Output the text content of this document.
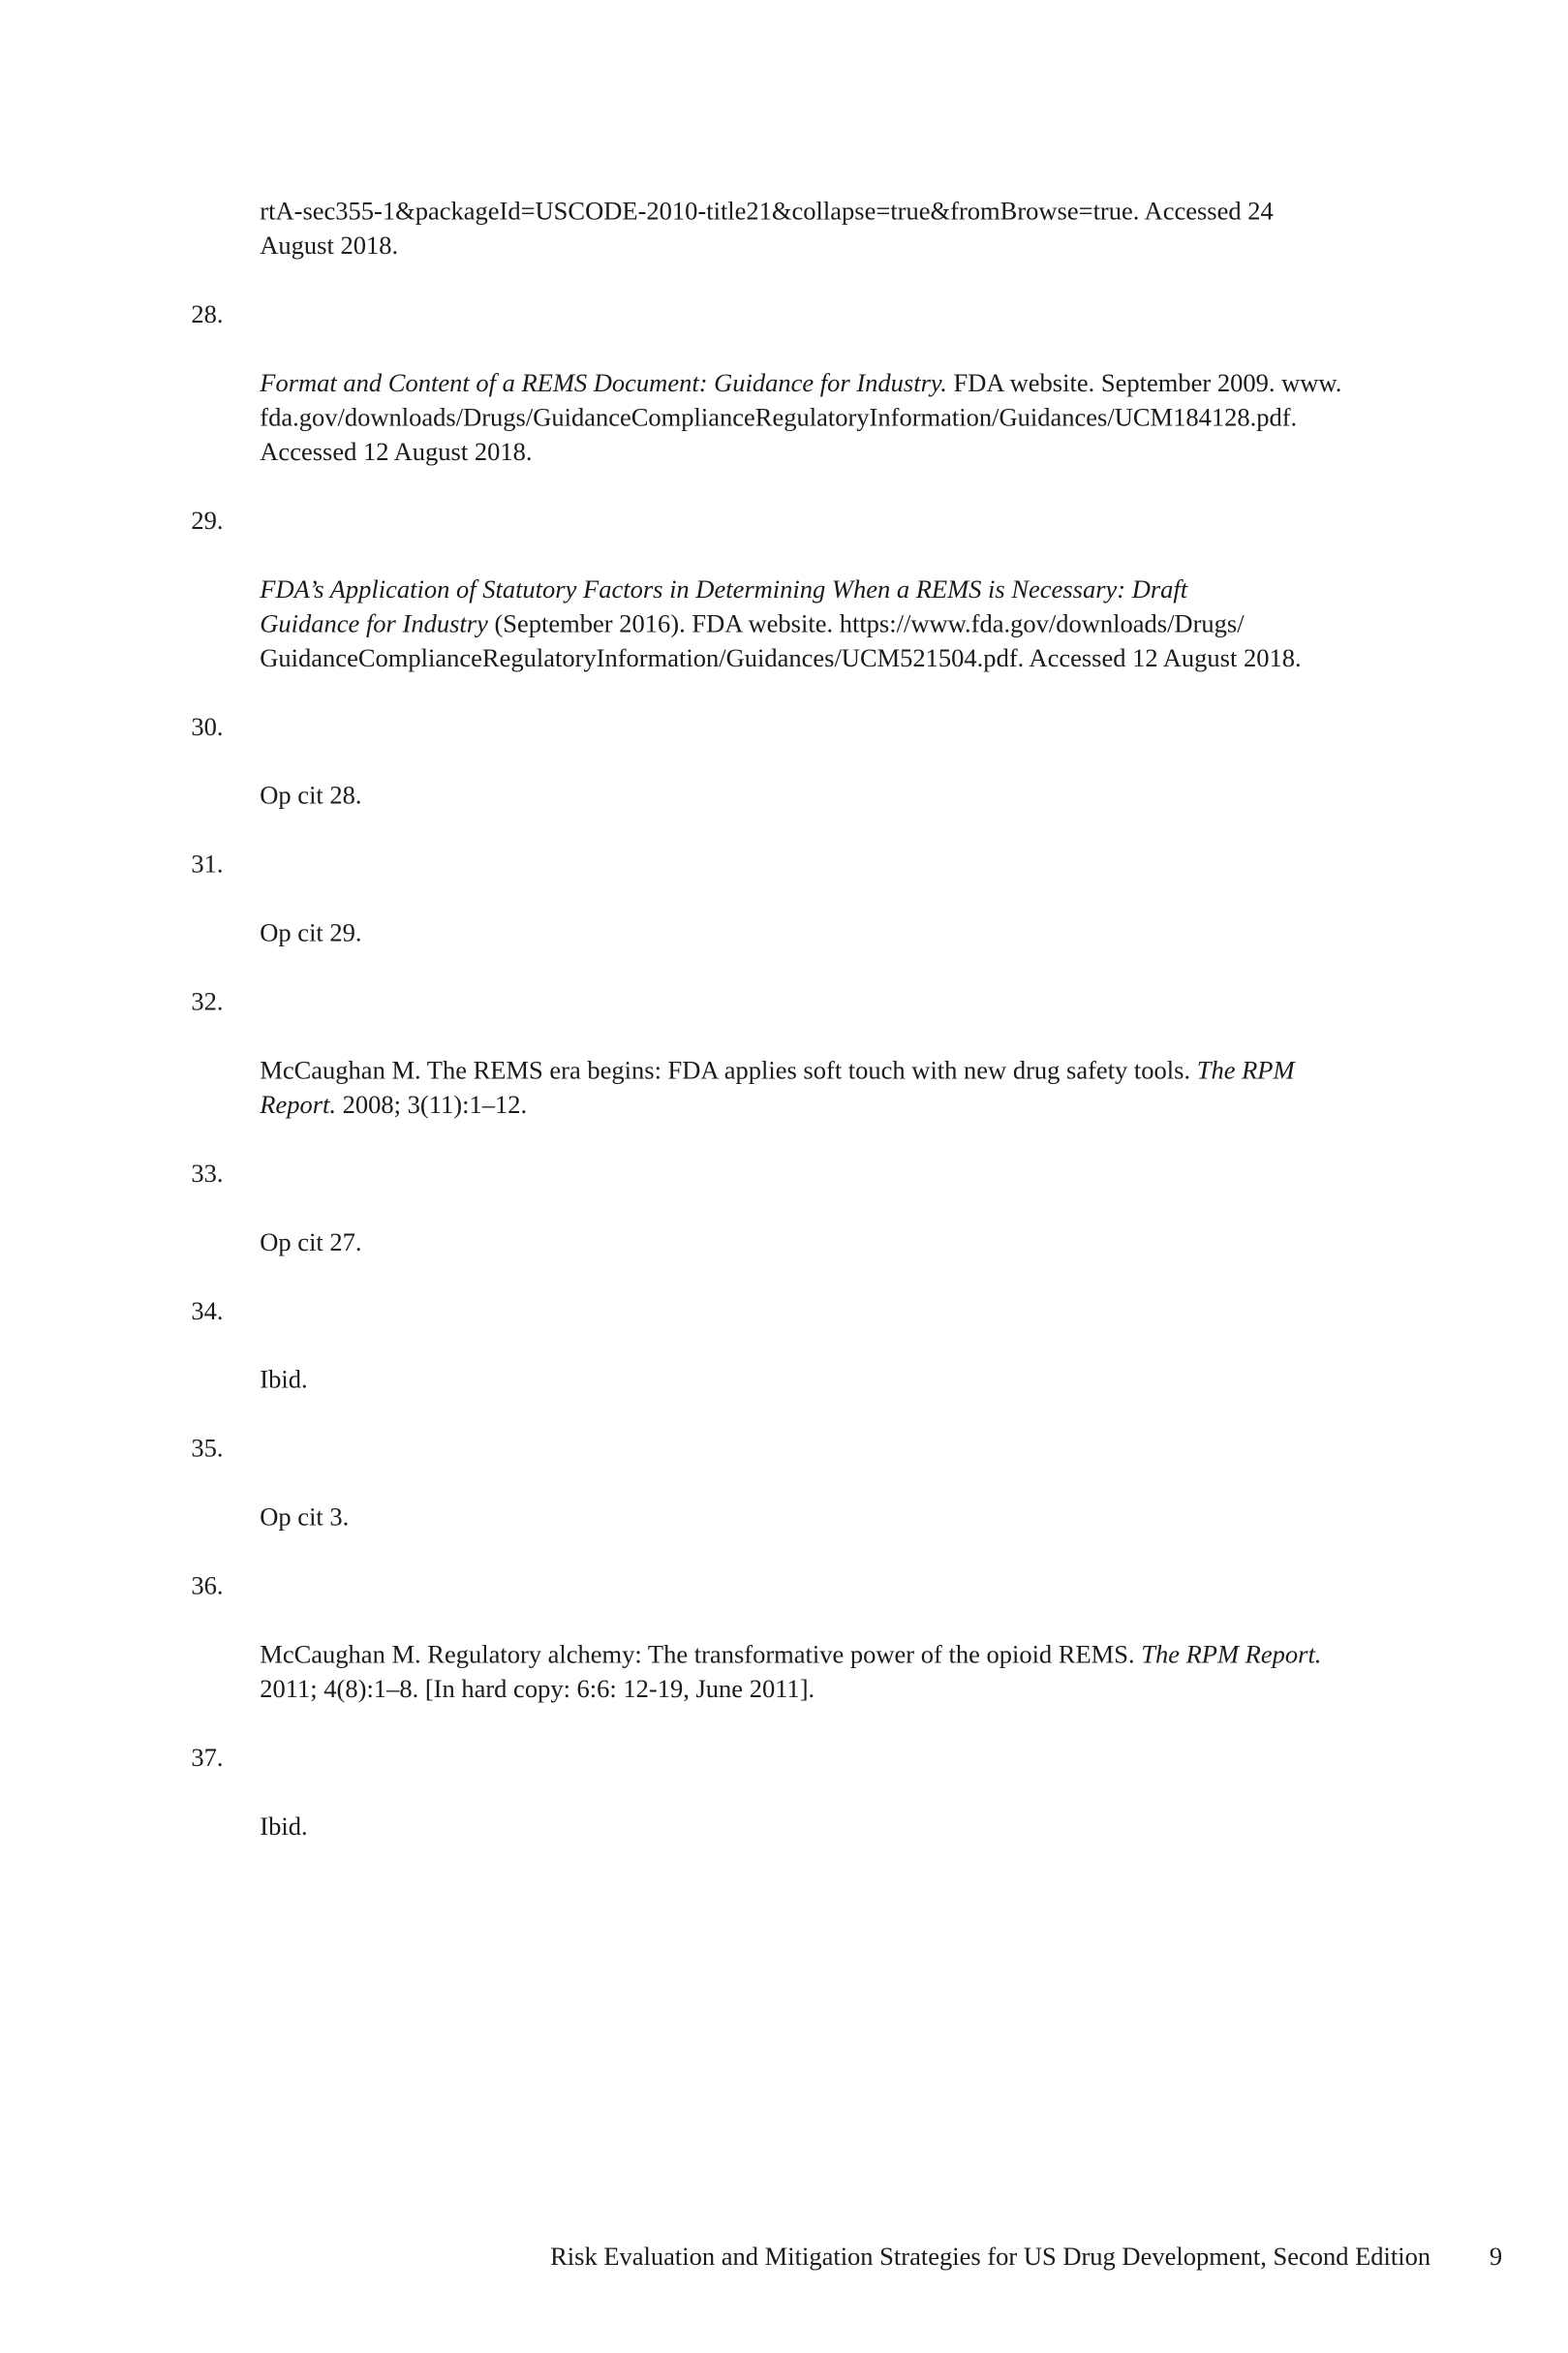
rtA-sec355-1&packageId=USCODE-2010-title21&collapse=true&fromBrowse=true. Accessed 24
August 2018.

28.

Format and Content of a REMS Document: Guidance for Industry. FDA website. September 2009. www.
fda.gov/downloads/Drugs/GuidanceComplianceRegulatoryInformation/Guidances/UCM184128.pdf.
Accessed 12 August 2018.

29.

FDA’s Application of Statutory Factors in Determining When a REMS is Necessary: Draft
Guidance for Industry (September 2016). FDA website. https://www.fda.gov/downloads/Drugs/
GuidanceComplianceRegulatoryInformation/Guidances/UCM521504.pdf. Accessed 12 August 2018.

30.

Op cit 28.

31.

Op cit 29.

32.

McCaughan M. The REMS era begins: FDA applies soft touch with new drug safety tools. The RPM
Report. 2008; 3(11):1–12.

33.

Op cit 27.

34.

Ibid.

35.

Op cit 3.

36.

McCaughan M. Regulatory alchemy: The transformative power of the opioid REMS. The RPM Report.
2011; 4(8):1–8. [In hard copy: 6:6: 12-19, June 2011].

37.

Ibid.

Risk Evaluation and Mitigation Strategies for US Drug Development, Second Edition	9
